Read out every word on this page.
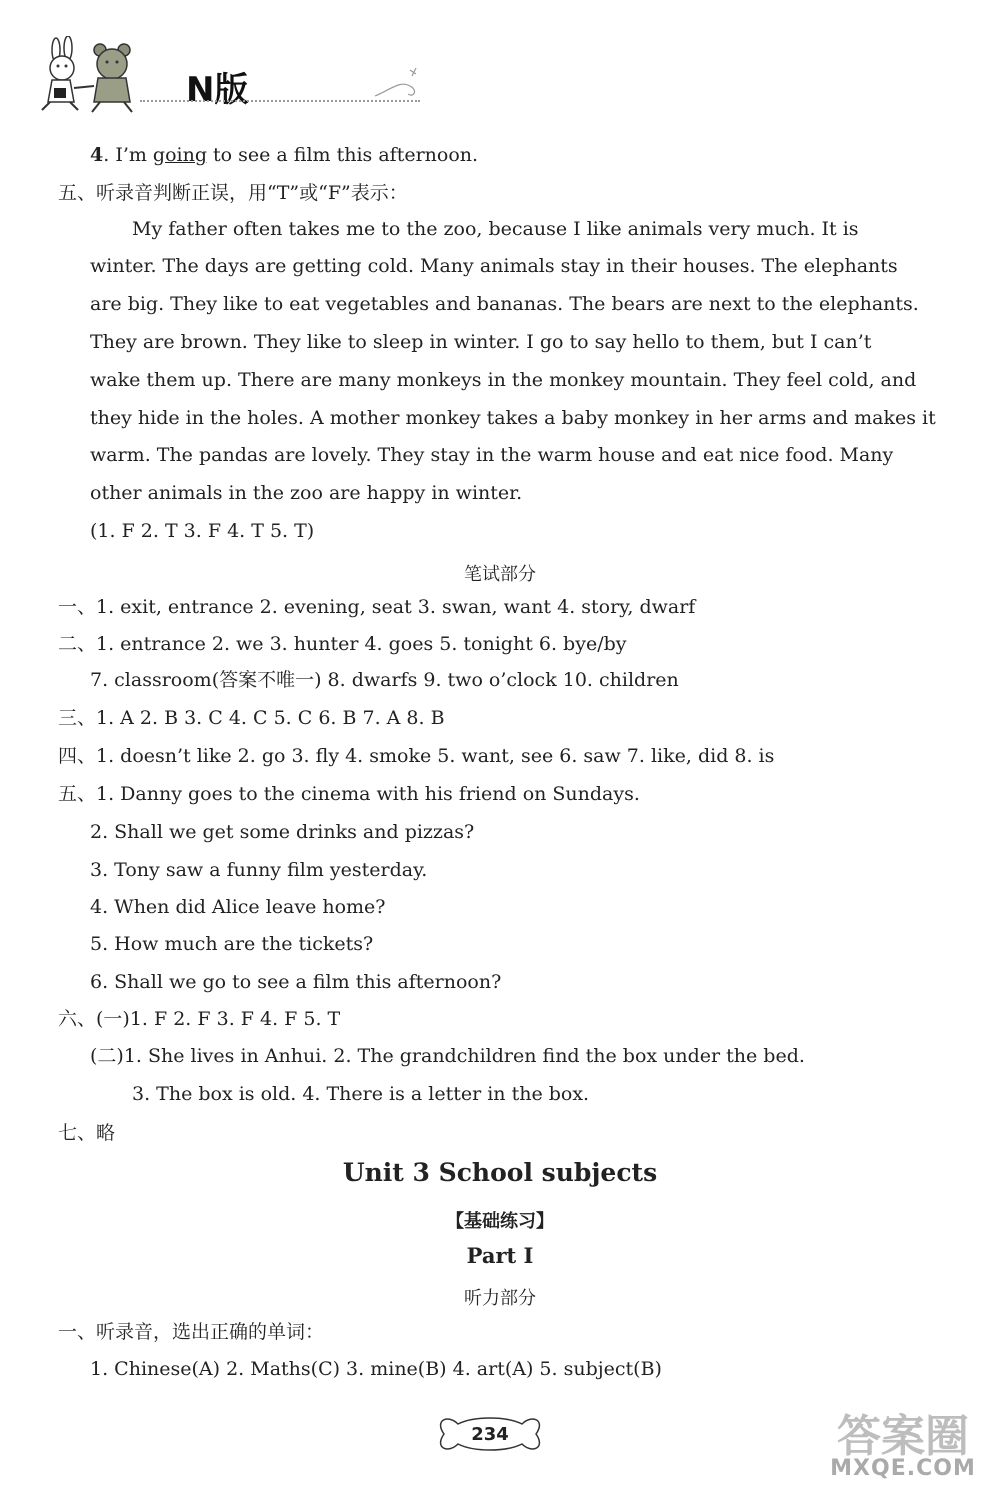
N版
4. I’m going to see a film this afternoon.
五、听录音判断正误，用“T”或“F”表示：
My father often takes me to the zoo, because I like animals very much. It is
winter. The days are getting cold. Many animals stay in their houses. The elephants
are big. They like to eat vegetables and bananas. The bears are next to the elephants.
They are brown. They like to sleep in winter. I go to say hello to them, but I can’t
wake them up. There are many monkeys in the monkey mountain. They feel cold, and
they hide in the holes. A mother monkey takes a baby monkey in her arms and makes it
warm. The pandas are lovely. They stay in the warm house and eat nice food. Many
other animals in the zoo are happy in winter.
(1. F 2. T 3. F 4. T 5. T)
笔试部分
一、1. exit, entrance 2. evening, seat 3. swan, want 4. story, dwarf
二、1. entrance 2. we 3. hunter 4. goes 5. tonight 6. bye/by
7. classroom(答案不唯一) 8. dwarfs 9. two o’clock 10. children
三、1. A 2. B 3. C 4. C 5. C 6. B 7. A 8. B
四、1. doesn’t like 2. go 3. fly 4. smoke 5. want, see 6. saw 7. like, did 8. is
五、1. Danny goes to the cinema with his friend on Sundays.
2. Shall we get some drinks and pizzas?
3. Tony saw a funny film yesterday.
4. When did Alice leave home?
5. How much are the tickets?
6. Shall we go to see a film this afternoon?
六、(一)1. F 2. F 3. F 4. F 5. T
(二)1. She lives in Anhui. 2. The grandchildren find the box under the bed.
3. The box is old. 4. There is a letter in the box.
七、略
Unit 3 School subjects
【基础练习】
Part Ⅰ
听力部分
一、听录音，选出正确的单词：
1. Chinese(A) 2. Maths(C) 3. mine(B) 4. art(A) 5. subject(B)
234	答案圈
MXQE.COM
